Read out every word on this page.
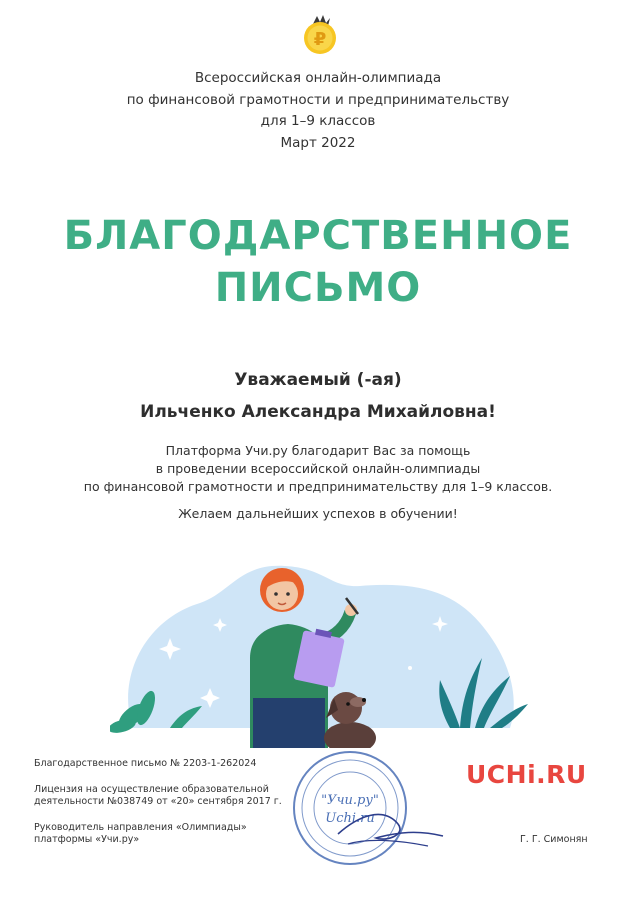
₽
Всероссийская онлайн-олимпиада
по финансовой грамотности и предпринимательству
для 1–9 классов
Март 2022
БЛАГОДАРСТВЕННОЕ
ПИСЬМО
Уважаемый (-ая)
Ильченко Александра Михайловна!
Платформа Учи.ру благодарит Вас за помощь
в проведении всероссийской онлайн-олимпиады
по финансовой грамотности и предпринимательству для 1–9 классов.
Желаем дальнейших успехов в обучении!
Благодарственное письмо № 2203-1-262024
Лицензия на осуществление образовательной
деятельности №038749 от «20» сентября 2017 г.
Руководитель направления «Олимпиады»
платформы «Учи.ру»
"Учи.ру"
Uchi.ru
UCHi.RU
Г. Г. Симонян
